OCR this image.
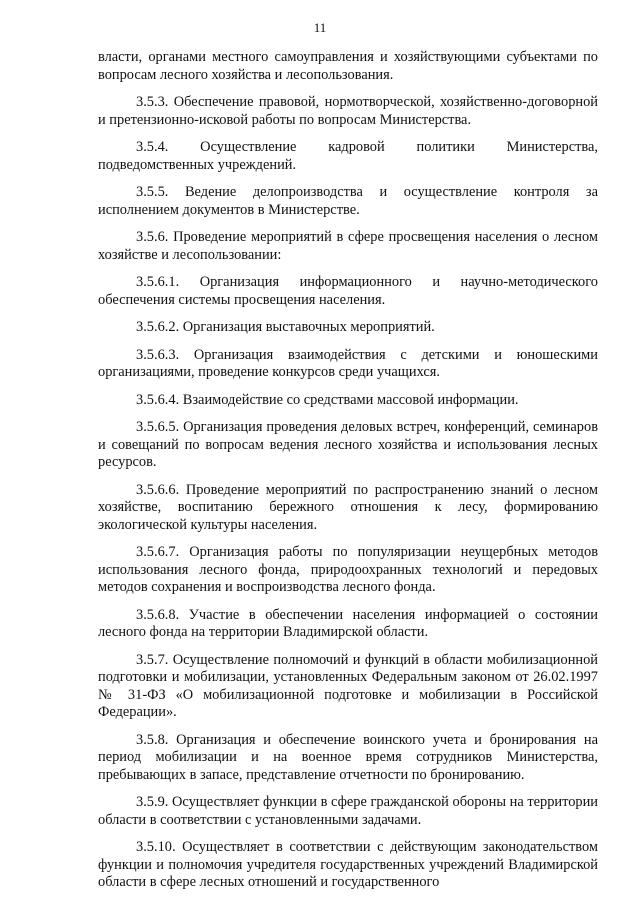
11

власти, органами местного самоуправления и хозяйствующими субъектами по вопросам лесного хозяйства и лесопользования.

3.5.3. Обеспечение правовой, нормотворческой, хозяйственно-договорной и претензионно-исковой работы по вопросам Министерства.

3.5.4. Осуществление кадровой политики Министерства, подведомственных учреждений.

3.5.5. Ведение делопроизводства и осуществление контроля за исполнением документов в Министерстве.

3.5.6. Проведение мероприятий в сфере просвещения населения о лесном хозяйстве и лесопользовании:

3.5.6.1. Организация информационного и научно-методического обеспечения системы просвещения населения.

3.5.6.2. Организация выставочных мероприятий.

3.5.6.3. Организация взаимодействия с детскими и юношескими организациями, проведение конкурсов среди учащихся.

3.5.6.4. Взаимодействие со средствами массовой информации.

3.5.6.5. Организация проведения деловых встреч, конференций, семинаров и совещаний по вопросам ведения лесного хозяйства и использования лесных ресурсов.

3.5.6.6. Проведение мероприятий по распространению знаний о лесном хозяйстве, воспитанию бережного отношения к лесу, формированию экологической культуры населения.

3.5.6.7. Организация работы по популяризации неущербных методов использования лесного фонда, природоохранных технологий и передовых методов сохранения и воспроизводства лесного фонда.

3.5.6.8. Участие в обеспечении населения информацией о состоянии лесного фонда на территории Владимирской области.

3.5.7. Осуществление полномочий и функций в области мобилизационной подготовки и мобилизации, установленных Федеральным законом от 26.02.1997 № 31-ФЗ «О мобилизационной подготовке и мобилизации в Российской Федерации».

3.5.8. Организация и обеспечение воинского учета и бронирования на период мобилизации и на военное время сотрудников Министерства, пребывающих в запасе, представление отчетности по бронированию.

3.5.9. Осуществляет функции в сфере гражданской обороны на территории области в соответствии с установленными задачами.

3.5.10. Осуществляет в соответствии с действующим законодательством функции и полномочия учредителя государственных учреждений Владимирской области в сфере лесных отношений и государственного
